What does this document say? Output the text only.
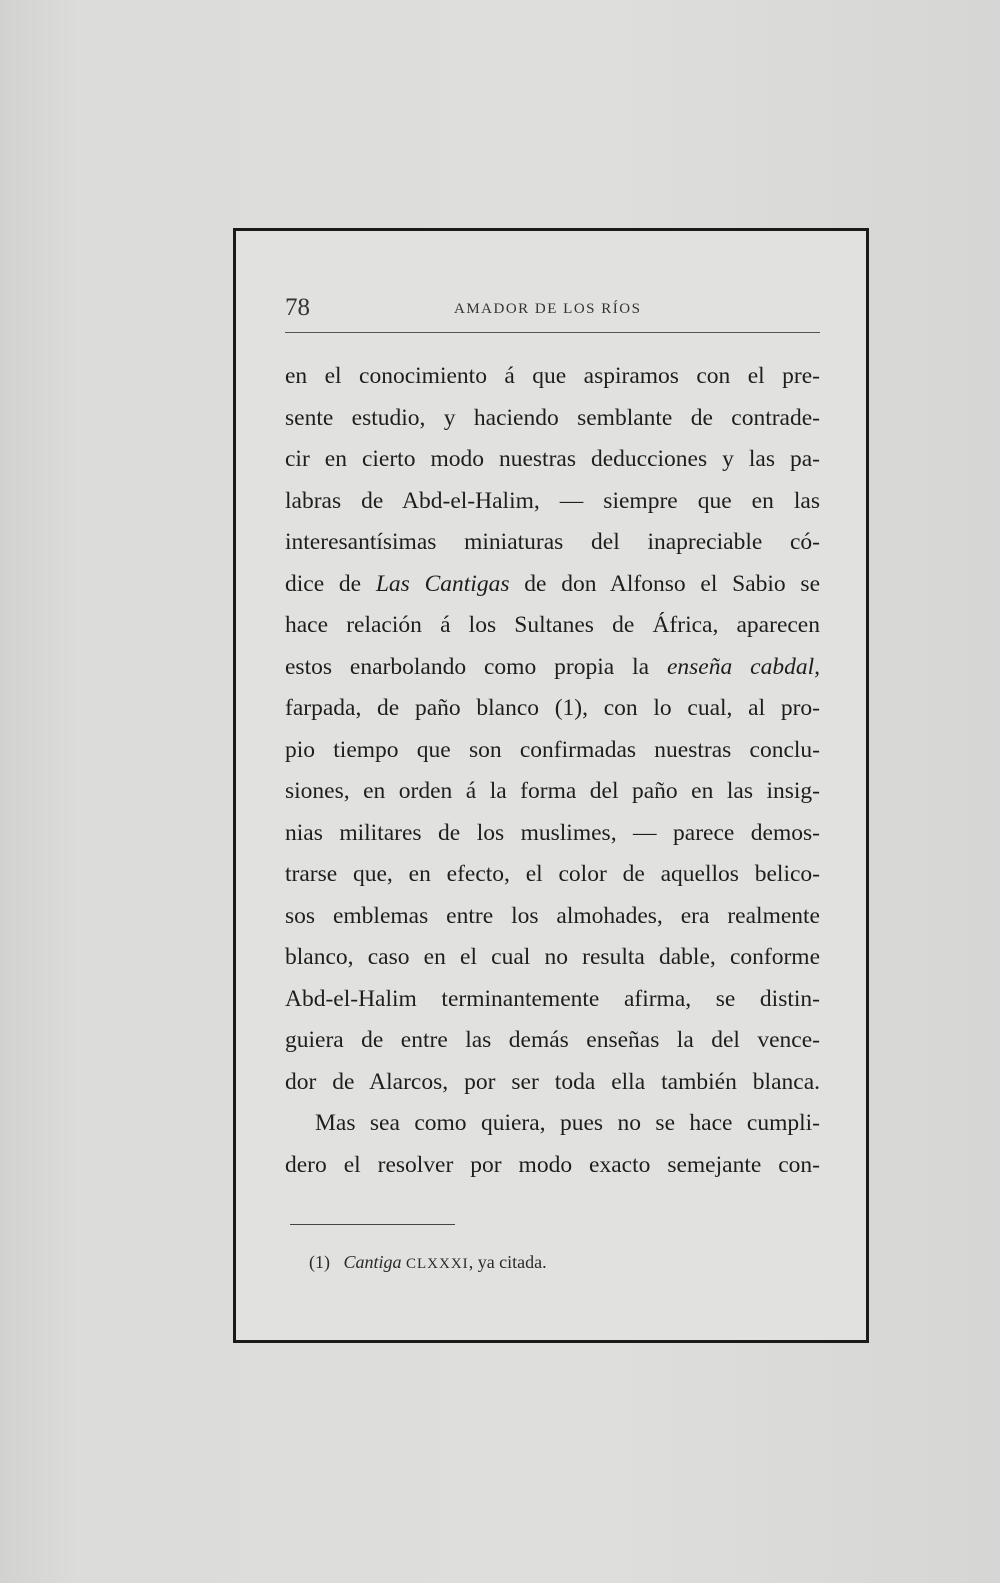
78	AMADOR DE LOS RÍOS
en el conocimiento á que aspiramos con el pre-
sente estudio, y haciendo semblante de contrade-
cir en cierto modo nuestras deducciones y las pa-
labras de Abd-el-Halim, — siempre que en las
interesantísimas miniaturas del inapreciable có-
dice de Las Cantigas de don Alfonso el Sabio se
hace relación á los Sultanes de África, aparecen
estos enarbolando como propia la enseña cabdal,
farpada, de paño blanco (1), con lo cual, al pro-
pio tiempo que son confirmadas nuestras conclu-
siones, en orden á la forma del paño en las insig-
nias militares de los muslimes, — parece demos-
trarse que, en efecto, el color de aquellos belico-
sos emblemas entre los almohades, era realmente
blanco, caso en el cual no resulta dable, conforme
Abd-el-Halim terminantemente afirma, se distin-
guiera de entre las demás enseñas la del vence-
dor de Alarcos, por ser toda ella también blanca.
Mas sea como quiera, pues no se hace cumpli-
dero el resolver por modo exacto semejante con-
(1) Cantiga CLXXXI, ya citada.
